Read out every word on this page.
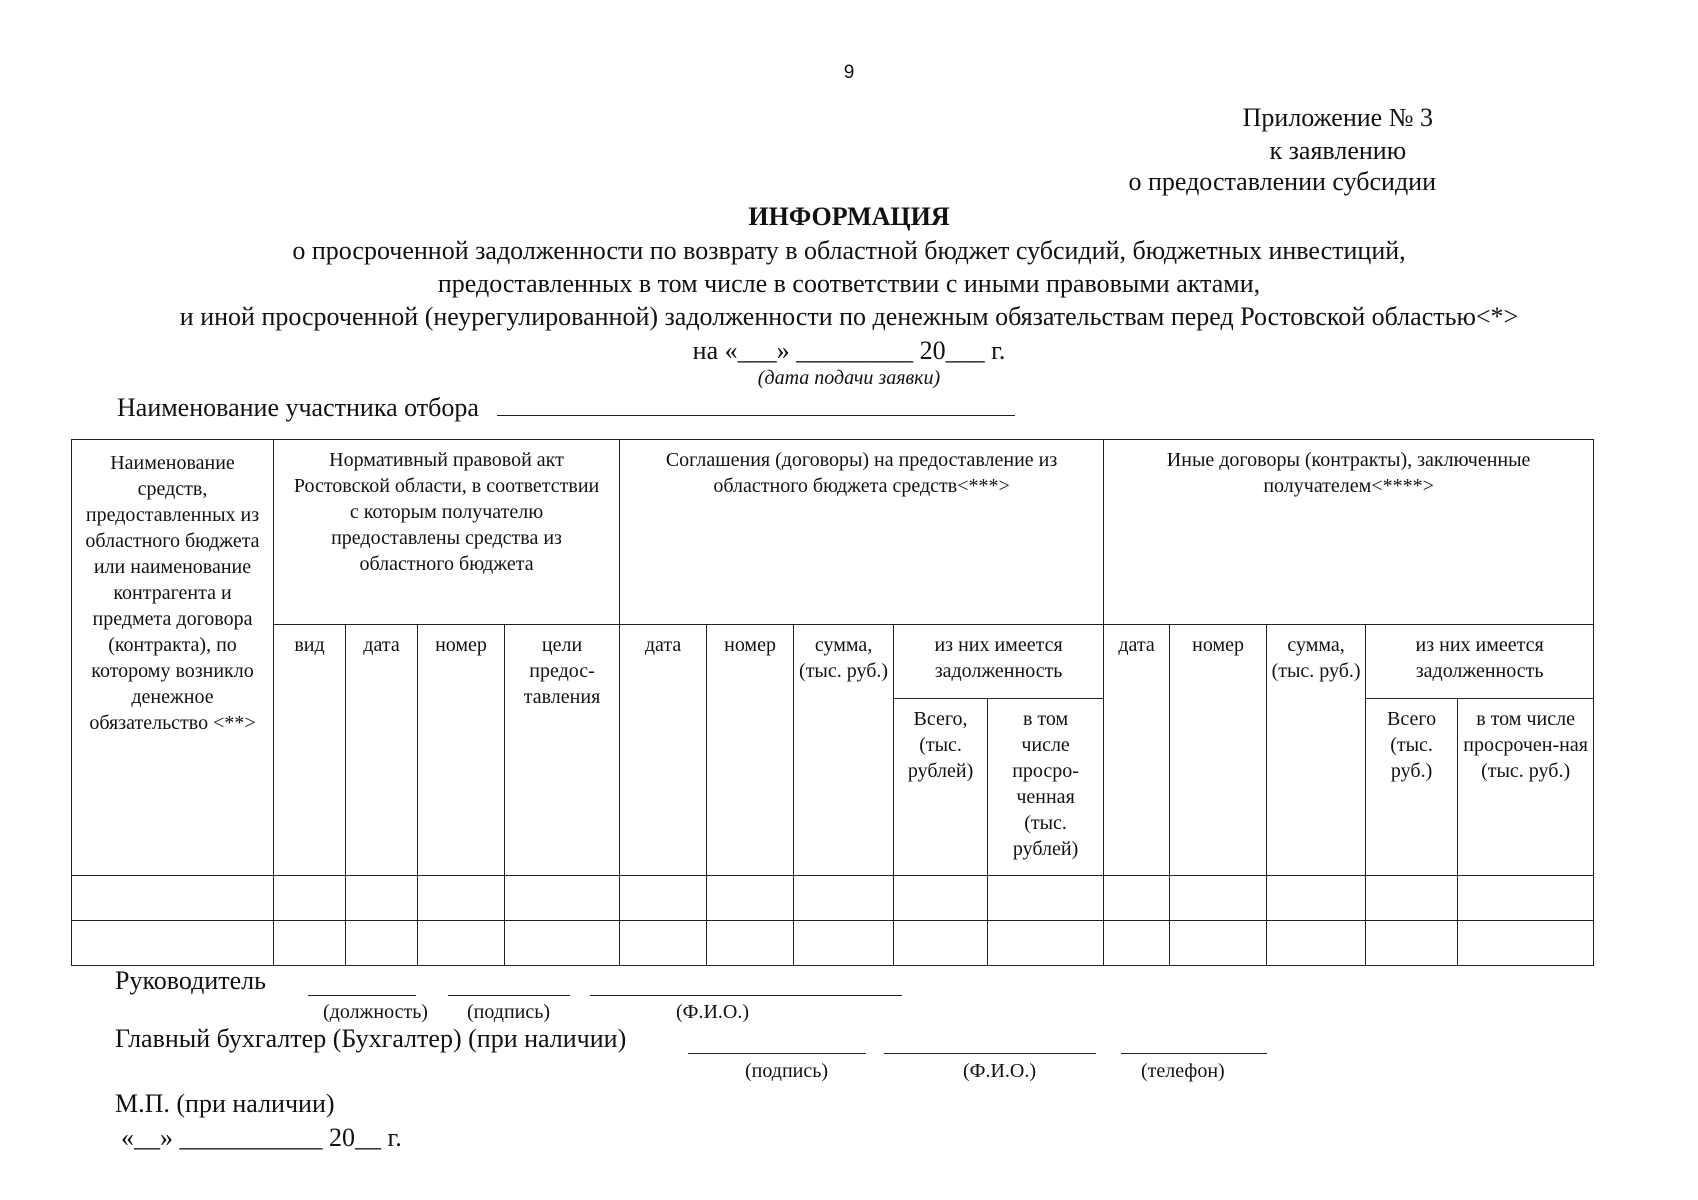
9
Приложение № 3
к заявлению
о предоставлении субсидии
ИНФОРМАЦИЯ
о просроченной задолженности по возврату в областной бюджет субсидий, бюджетных инвестиций,
предоставленных в том числе в соответствии с иными правовыми актами,
и иной просроченной (неурегулированной) задолженности по денежным обязательствам перед Ростовской областью<*>
на «___» _________ 20___ г.
(дата подачи заявки)
Наименование участника отбора
Наименование средств, предоставленных из областного бюджета или наименование контрагента и предмета договора (контракта), по которому возникло денежное обязательство <**>	Нормативный правовой акт Ростовской области, в соответствии с которым получателю предоставлены средства из областного бюджета				Соглашения (договоры) на предоставление из областного бюджета средств<***>					Иные договоры (контракты), заключенные получателем<****>				
	вид	дата	номер	цели предос-тавления	дата	номер	сумма, (тыс. руб.)	из них имеется задолженность		дата	номер	сумма, (тыс. руб.)	из них имеется задолженность	
								Всего, (тыс. рублей)	в том числе просро-ченная (тыс. рублей)				Всего (тыс. руб.)	в том числе просрочен-ная (тыс. руб.)

Руководитель
(должность) (подпись)	(Ф.И.О.)
Главный бухгалтер (Бухгалтер) (при наличии)
(подпись)	(Ф.И.О.)	(телефон)
М.П. (при наличии)
«__» ___________ 20__ г.
